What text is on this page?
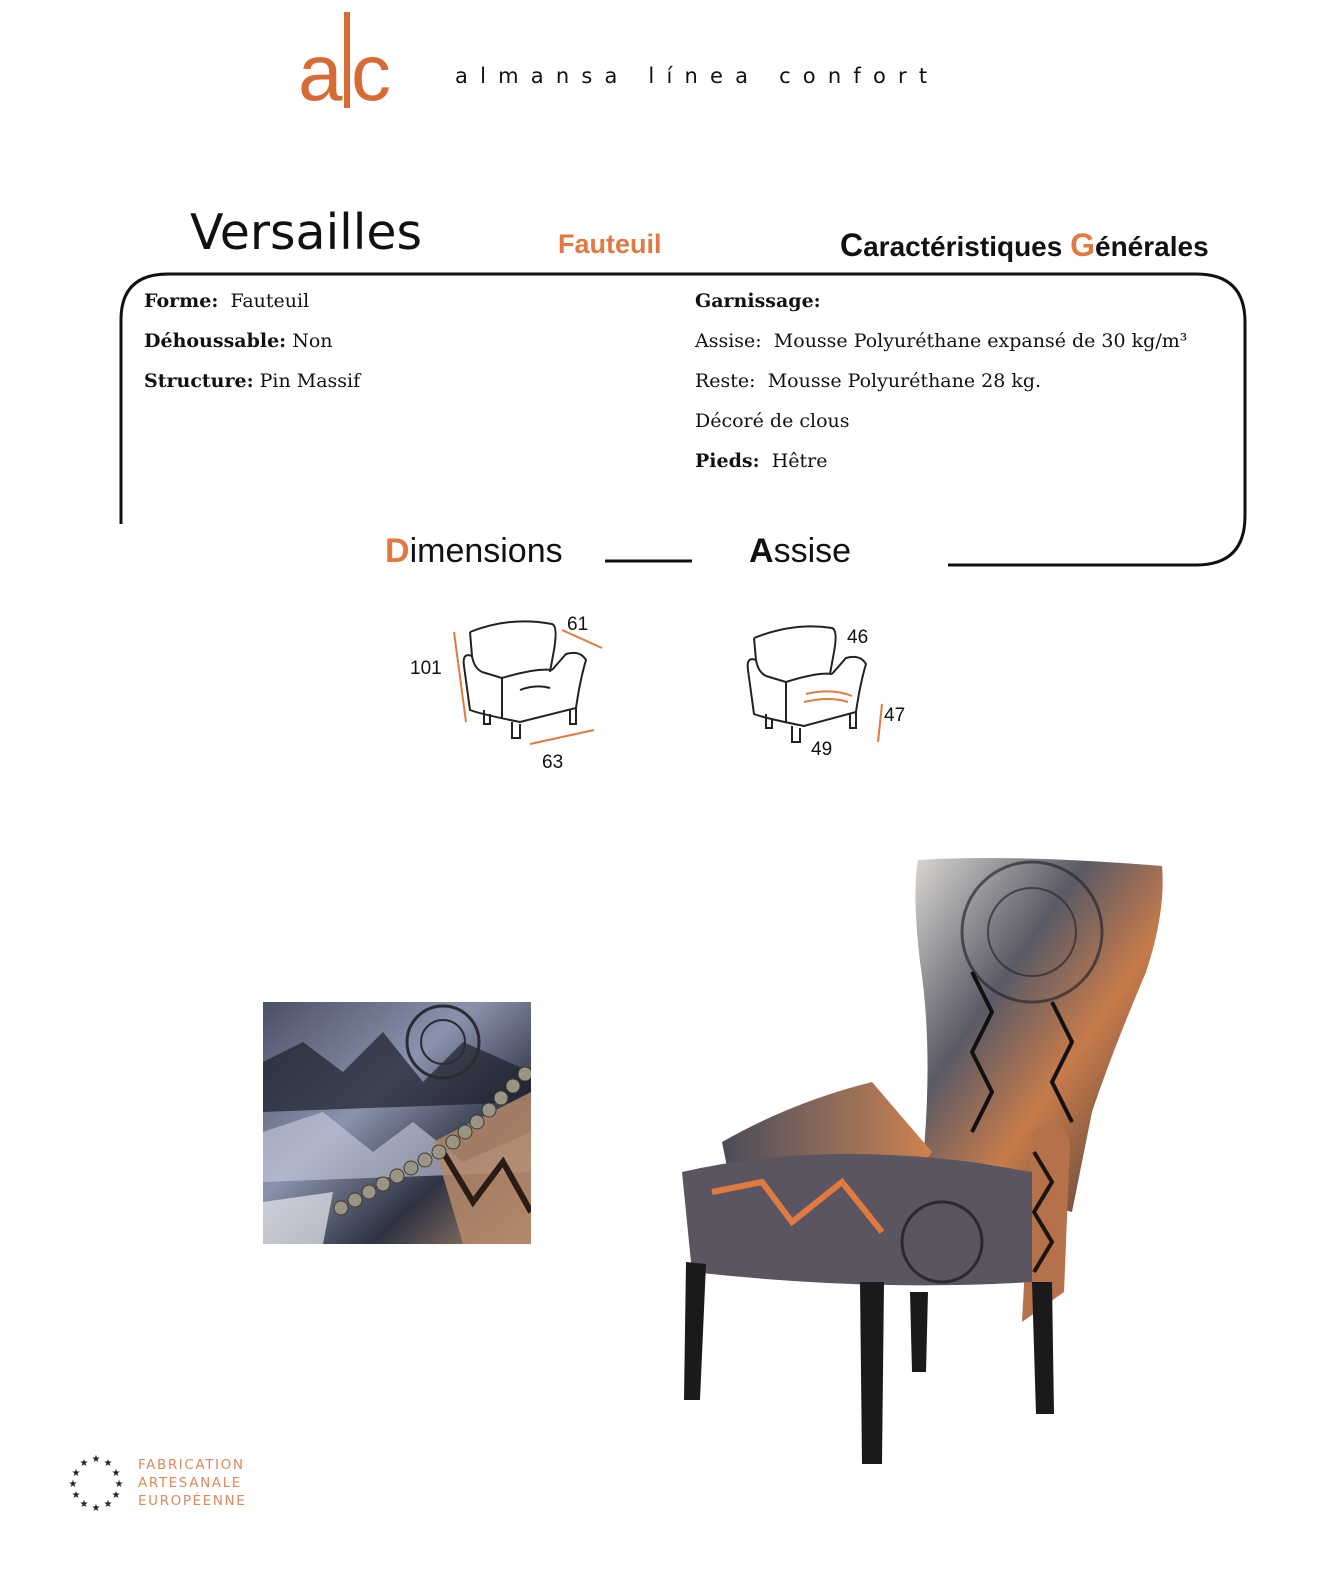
a c	almansa línea confort
Versailles	Fauteuil	Caractéristiques Générales
Forme: Fauteuil
Déhoussable: Non
Structure: Pin Massif
Garnissage:
Assise: Mousse Polyuréthane expansé de 30 kg/m³
Reste: Mousse Polyuréthane 28 kg.
Décoré de clous
Pieds: Hêtre
Dimensions	Assise
101
61
63
46
47
49
★ ★
★
★
★
★
★
★
★
★
★
★	FABRICATION
ARTESANALE
EUROPÉENNE
